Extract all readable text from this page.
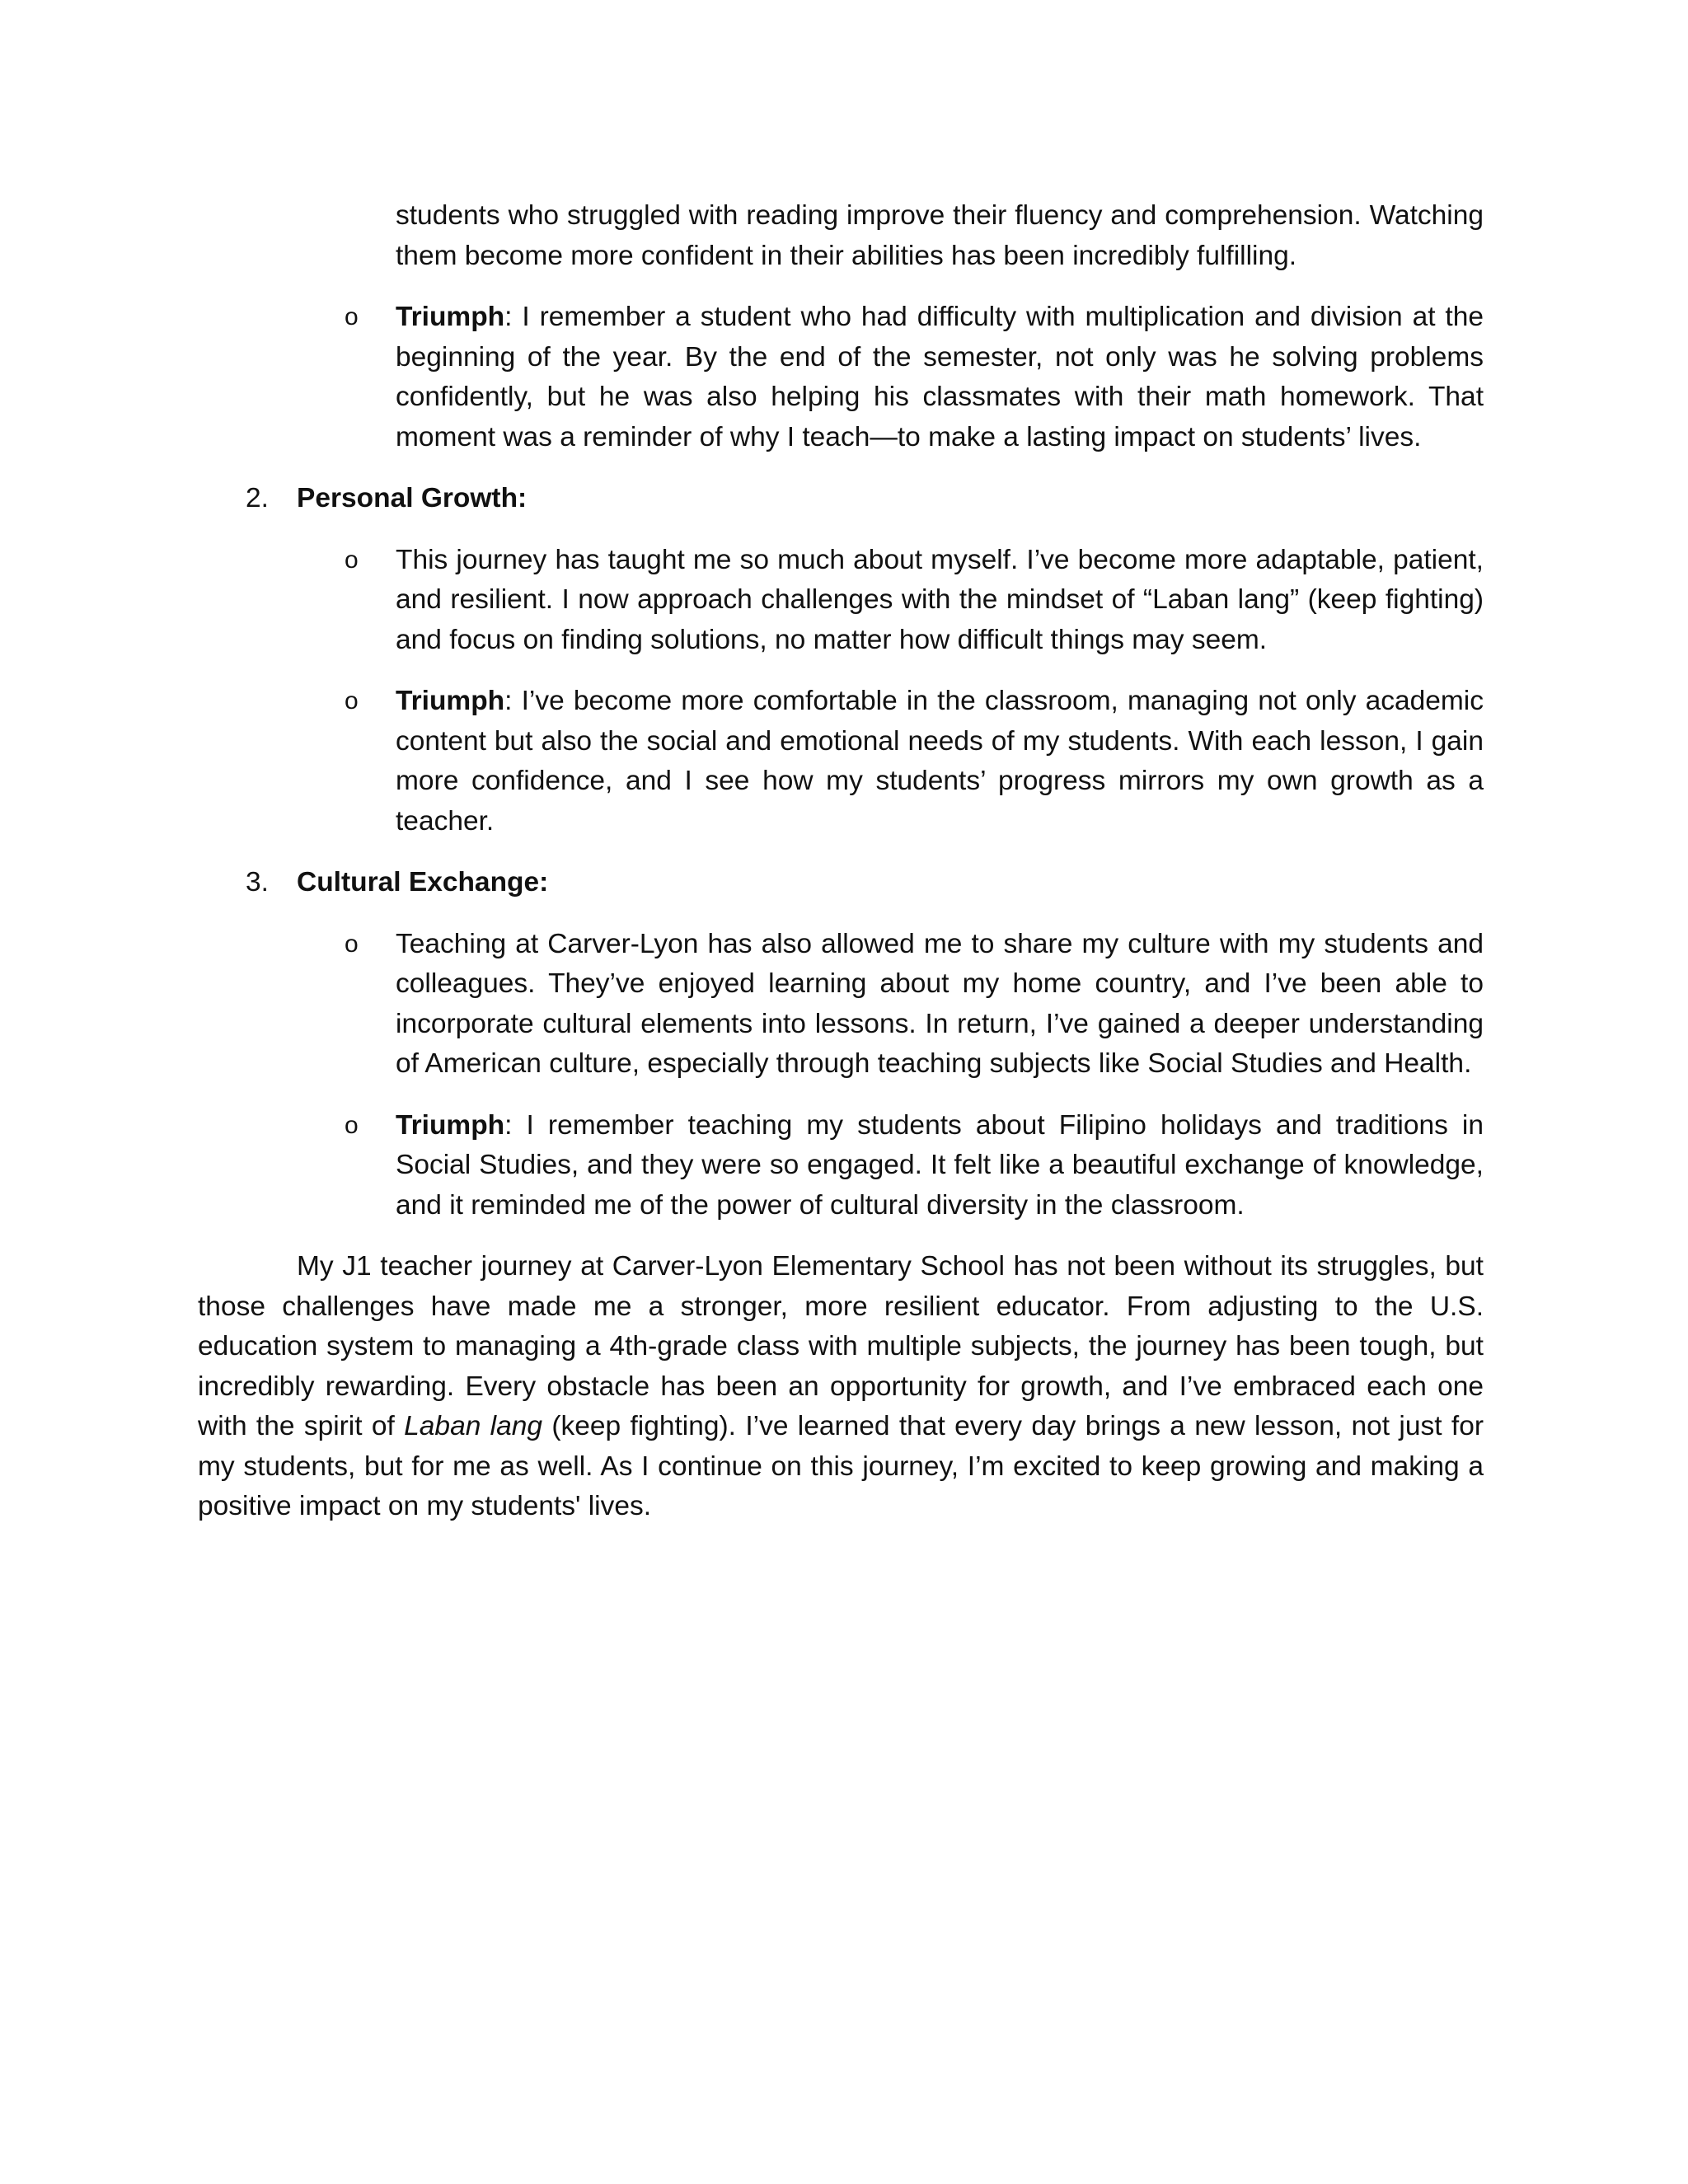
students who struggled with reading improve their fluency and comprehension. Watching them become more confident in their abilities has been incredibly fulfilling.
o	Triumph: I remember a student who had difficulty with multiplication and division at the beginning of the year. By the end of the semester, not only was he solving problems confidently, but he was also helping his classmates with their math homework. That moment was a reminder of why I teach—to make a lasting impact on students’ lives.
2. Personal Growth:
o	This journey has taught me so much about myself. I’ve become more adaptable, patient, and resilient. I now approach challenges with the mindset of “Laban lang” (keep fighting) and focus on finding solutions, no matter how difficult things may seem.
o	Triumph: I’ve become more comfortable in the classroom, managing not only academic content but also the social and emotional needs of my students. With each lesson, I gain more confidence, and I see how my students’ progress mirrors my own growth as a teacher.
3. Cultural Exchange:
o	Teaching at Carver-Lyon has also allowed me to share my culture with my students and colleagues. They’ve enjoyed learning about my home country, and I’ve been able to incorporate cultural elements into lessons. In return, I’ve gained a deeper understanding of American culture, especially through teaching subjects like Social Studies and Health.
o	Triumph: I remember teaching my students about Filipino holidays and traditions in Social Studies, and they were so engaged. It felt like a beautiful exchange of knowledge, and it reminded me of the power of cultural diversity in the classroom.

My J1 teacher journey at Carver-Lyon Elementary School has not been without its struggles, but those challenges have made me a stronger, more resilient educator. From adjusting to the U.S. education system to managing a 4th-grade class with multiple subjects, the journey has been tough, but incredibly rewarding. Every obstacle has been an opportunity for growth, and I’ve embraced each one with the spirit of Laban lang (keep fighting). I’ve learned that every day brings a new lesson, not just for my students, but for me as well. As I continue on this journey, I’m excited to keep growing and making a positive impact on my students' lives.
